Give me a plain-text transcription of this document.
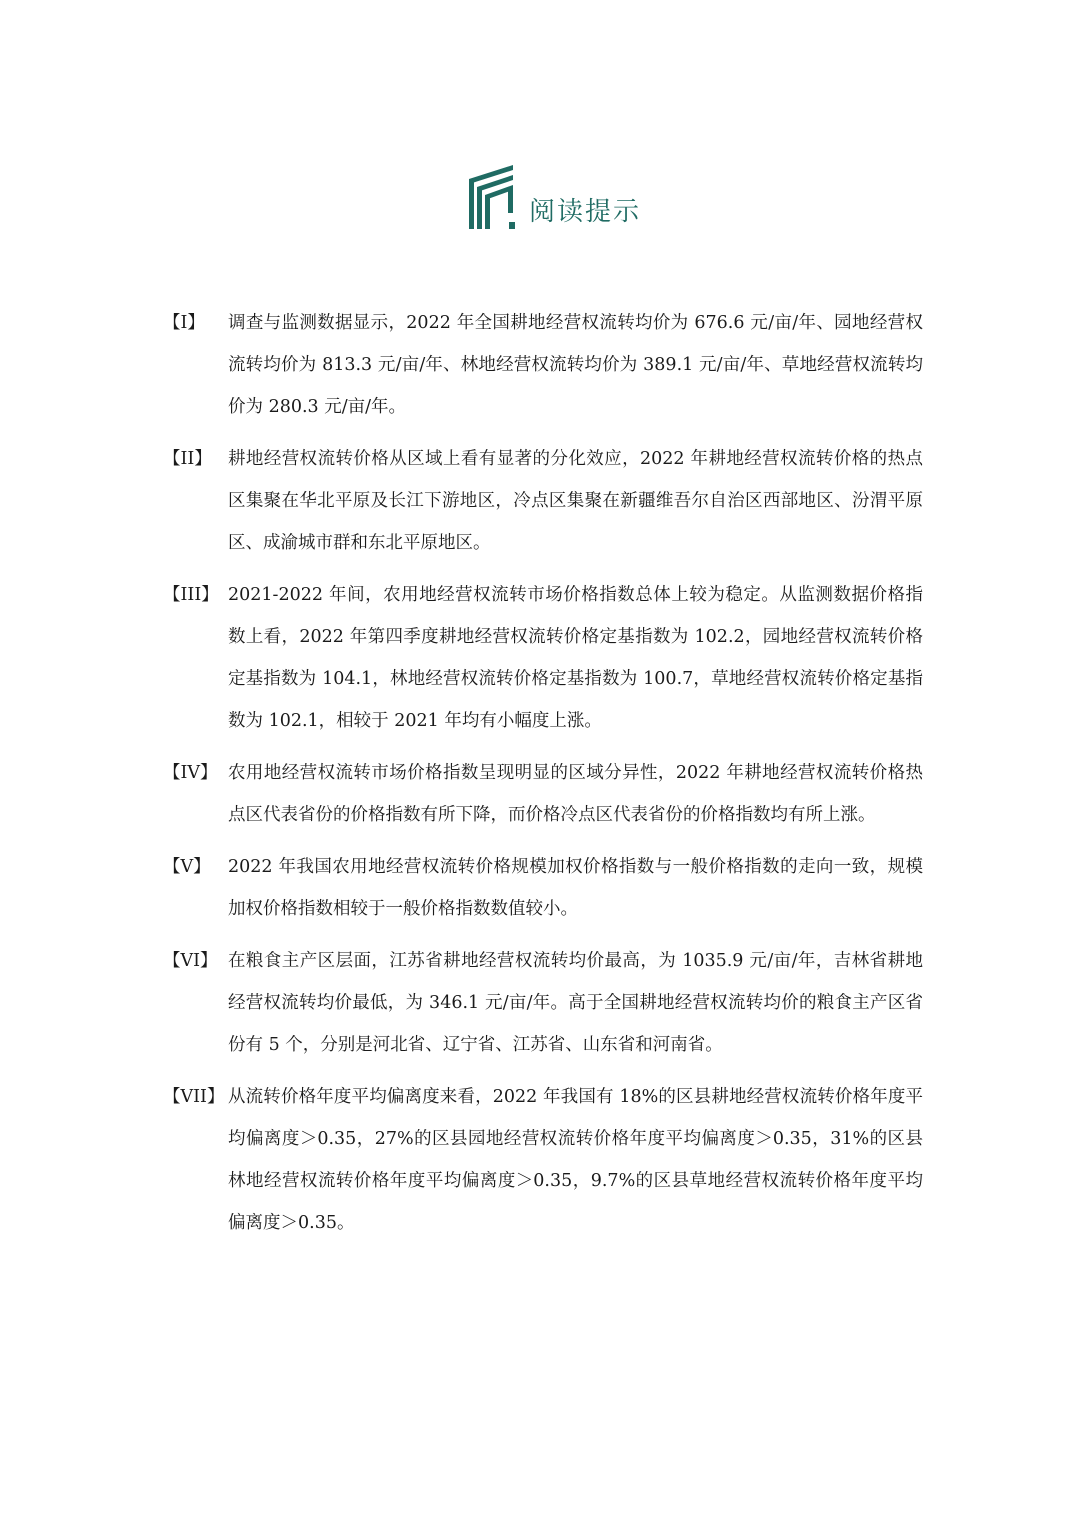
阅读提示
【I】	调查与监测数据显示，2022 年全国耕地经营权流转均价为 676.6 元/亩/年、园地经营权流转均价为 813.3 元/亩/年、林地经营权流转均价为 389.1 元/亩/年、草地经营权流转均价为 280.3 元/亩/年。
【II】 耕地经营权流转价格从区域上看有显著的分化效应，2022 年耕地经营权流转价格的热点区集聚在华北平原及长江下游地区，冷点区集聚在新疆维吾尔自治区西部地区、汾渭平原区、成渝城市群和东北平原地区。
【III】 2021-2022 年间，农用地经营权流转市场价格指数总体上较为稳定。从监测数据价格指数上看，2022 年第四季度耕地经营权流转价格定基指数为 102.2，园地经营权流转价格定基指数为 104.1，林地经营权流转价格定基指数为 100.7，草地经营权流转价格定基指数为 102.1，相较于 2021 年均有小幅度上涨。
【IV】 农用地经营权流转市场价格指数呈现明显的区域分异性，2022 年耕地经营权流转价格热点区代表省份的价格指数有所下降，而价格冷点区代表省份的价格指数均有所上涨。
【V】 2022 年我国农用地经营权流转价格规模加权价格指数与一般价格指数的走向一致，规模加权价格指数相较于一般价格指数数值较小。
【VI】 在粮食主产区层面，江苏省耕地经营权流转均价最高，为 1035.9 元/亩/年，吉林省耕地经营权流转均价最低，为 346.1 元/亩/年。高于全国耕地经营权流转均价的粮食主产区省份有 5 个，分别是河北省、辽宁省、江苏省、山东省和河南省。
【VII】 从流转价格年度平均偏离度来看，2022 年我国有 18%的区县耕地经营权流转价格年度平均偏离度＞0.35，27%的区县园地经营权流转价格年度平均偏离度＞0.35，31%的区县林地经营权流转价格年度平均偏离度＞0.35，9.7%的区县草地经营权流转价格年度平均偏离度＞0.35。
